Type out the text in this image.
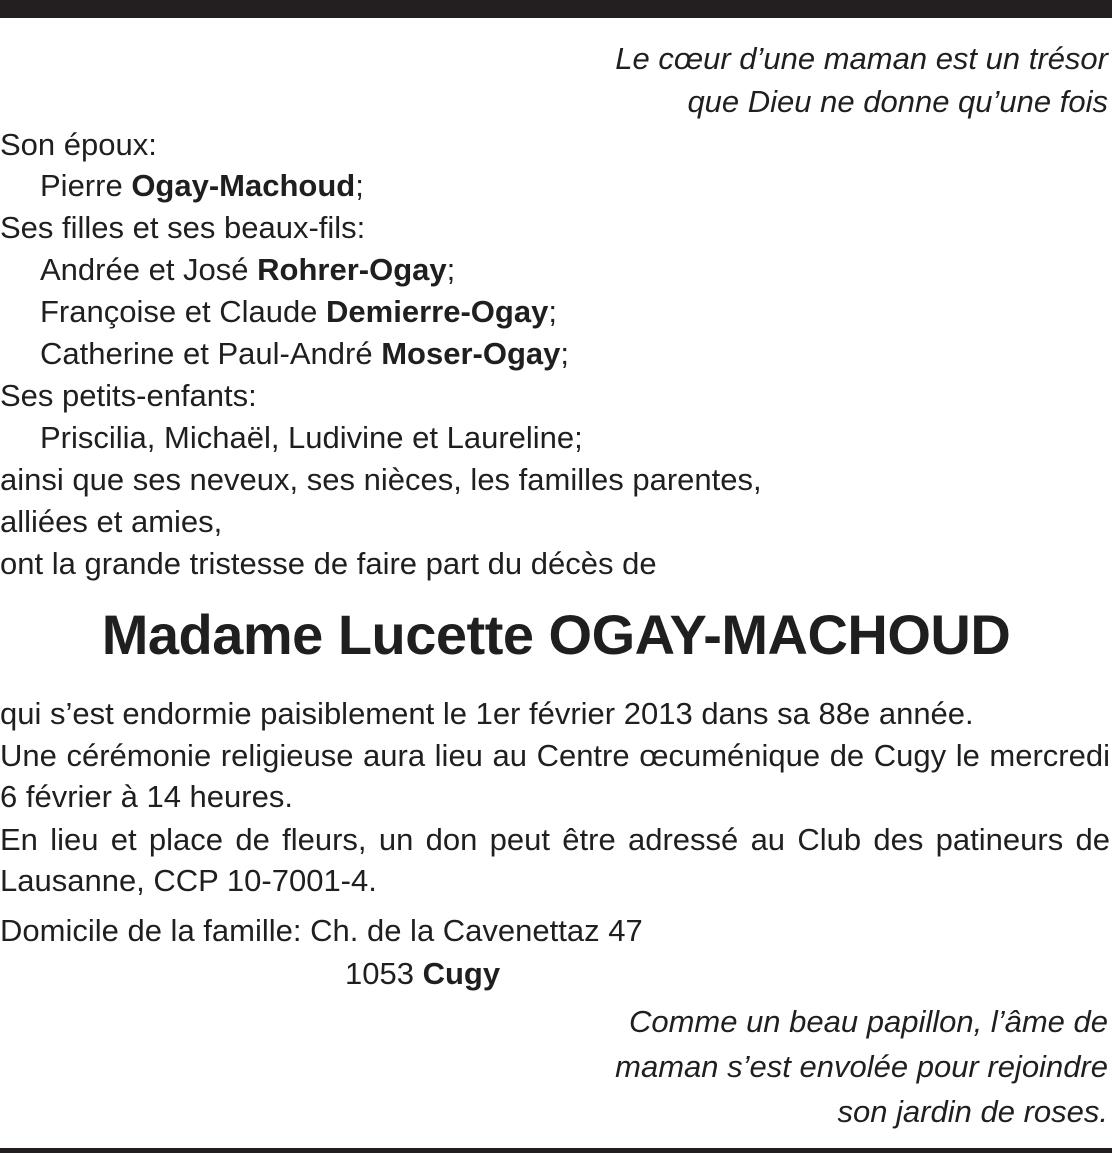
Le cœur d’une maman est un trésor
que Dieu ne donne qu’une fois
Son époux:
Pierre Ogay-Machoud;
Ses filles et ses beaux-fils:
Andrée et José Rohrer-Ogay;
Françoise et Claude Demierre-Ogay;
Catherine et Paul-André Moser-Ogay;
Ses petits-enfants:
Priscilia, Michaël, Ludivine et Laureline;
ainsi que ses neveux, ses nièces, les familles parentes,
alliées et amies,
ont la grande tristesse de faire part du décès de
Madame Lucette OGAY-MACHOUD
qui s’est endormie paisiblement le 1er février 2013 dans sa 88e année.
Une cérémonie religieuse aura lieu au Centre œcuménique de Cugy le mercredi 6 février à 14 heures.
En lieu et place de fleurs, un don peut être adressé au Club des patineurs de Lausanne, CCP 10-7001-4.
Domicile de la famille: Ch. de la Cavenettaz 47
1053 Cugy
Comme un beau papillon, l’âme de
maman s’est envolée pour rejoindre
son jardin de roses.
